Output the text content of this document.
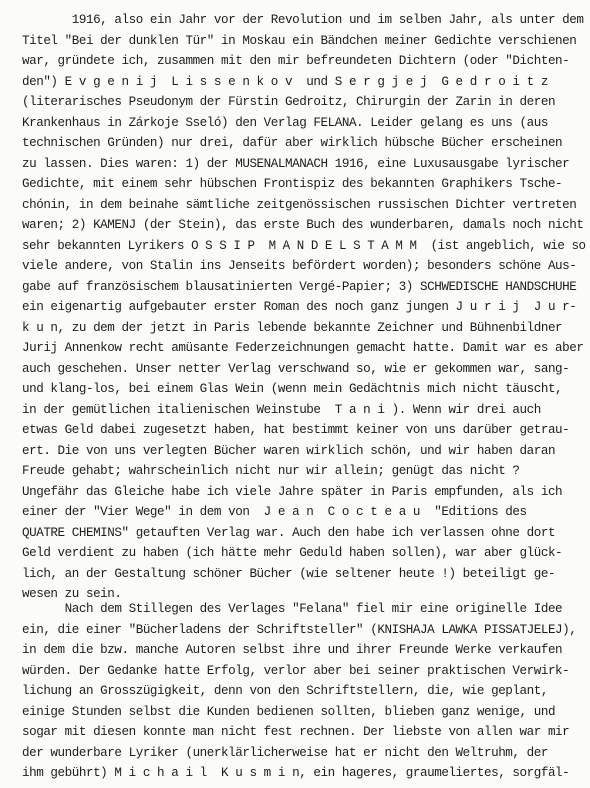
1916, also ein Jahr vor der Revolution und im selben Jahr, als unter dem
Titel "Bei der dunklen Tür" in Moskau ein Bändchen meiner Gedichte verschienen
war, gründete ich, zusammen mit den mir befreundeten Dichtern (oder "Dichten-
den") E v g e n i j  L i s s e n k o v  und S e r g j e j  G e d r o i t z
(literarisches Pseudonym der Fürstin Gedroitz, Chirurgin der Zarin in deren
Krankenhaus in Zárkoje Sseló) den Verlag FELANA. Leider gelang es uns (aus
technischen Gründen) nur drei, dafür aber wirklich hübsche Bücher erscheinen
zu lassen. Dies waren: 1) der MUSENALMANACH 1916, eine Luxusausgabe lyrischer
Gedichte, mit einem sehr hübschen Frontispiz des bekannten Graphikers Tsche-
chónin, in dem beinahe sämtliche zeitgenössischen russischen Dichter vertreten
waren; 2) KAMENJ (der Stein), das erste Buch des wunderbaren, damals noch nicht
sehr bekannten Lyrikers O S S I P  M A N D E L S T A M M  (ist angeblich, wie so
viele andere, von Stalin ins Jenseits befördert worden); besonders schöne Aus-
gabe auf französischem blausatinierten Vergé-Papier; 3) SCHWEDISCHE HANDSCHUHE
ein eigenartig aufgebauter erster Roman des noch ganz jungen J u r i j  J u r-
k u n, zu dem der jetzt in Paris lebende bekannte Zeichner und Bühnenbildner
Jurij Annenkow recht amüsante Federzeichnungen gemacht hatte. Damit war es aber
auch geschehen. Unser netter Verlag verschwand so, wie er gekommen war, sang-
und klang-los, bei einem Glas Wein (wenn mein Gedächtnis mich nicht täuscht,
in der gemütlichen italienischen Weinstube  T a n i ). Wenn wir drei auch
etwas Geld dabei zugesetzt haben, hat bestimmt keiner von uns darüber getrau-
ert. Die von uns verlegten Bücher waren wirklich schön, und wir haben daran
Freude gehabt; wahrscheinlich nicht nur wir allein; genügt das nicht ?
Ungefähr das Gleiche habe ich viele Jahre später in Paris empfunden, als ich
einer der "Vier Wege" in dem von  J e a n  C o c t e a u  "Editions des
QUATRE CHEMINS" getauften Verlag war. Auch den habe ich verlassen ohne dort
Geld verdient zu haben (ich hätte mehr Geduld haben sollen), war aber glück-
lich, an der Gestaltung schöner Bücher (wie seltener heute !) beteiligt ge-
wesen zu sein.
Nach dem Stillegen des Verlages "Felana" fiel mir eine originelle Idee
ein, die einer "Bücherladens der Schriftsteller" (KNISHAJA LAWKA PISSATJELEJ),
in dem die bzw. manche Autoren selbst ihre und ihrer Freunde Werke verkaufen
würden. Der Gedanke hatte Erfolg, verlor aber bei seiner praktischen Verwirk-
lichung an Grosszügigkeit, denn von den Schriftstellern, die, wie geplant,
einige Stunden selbst die Kunden bedienen sollten, blieben ganz wenige, und
sogar mit diesen konnte man nicht fest rechnen. Der liebste von allen war mir
der wunderbare Lyriker (unerklärlicherweise hat er nicht den Weltruhm, der
ihm gebührt) M i c h a i l  K u s m i n, ein hageres, graumeliertes, sorgfäl-
